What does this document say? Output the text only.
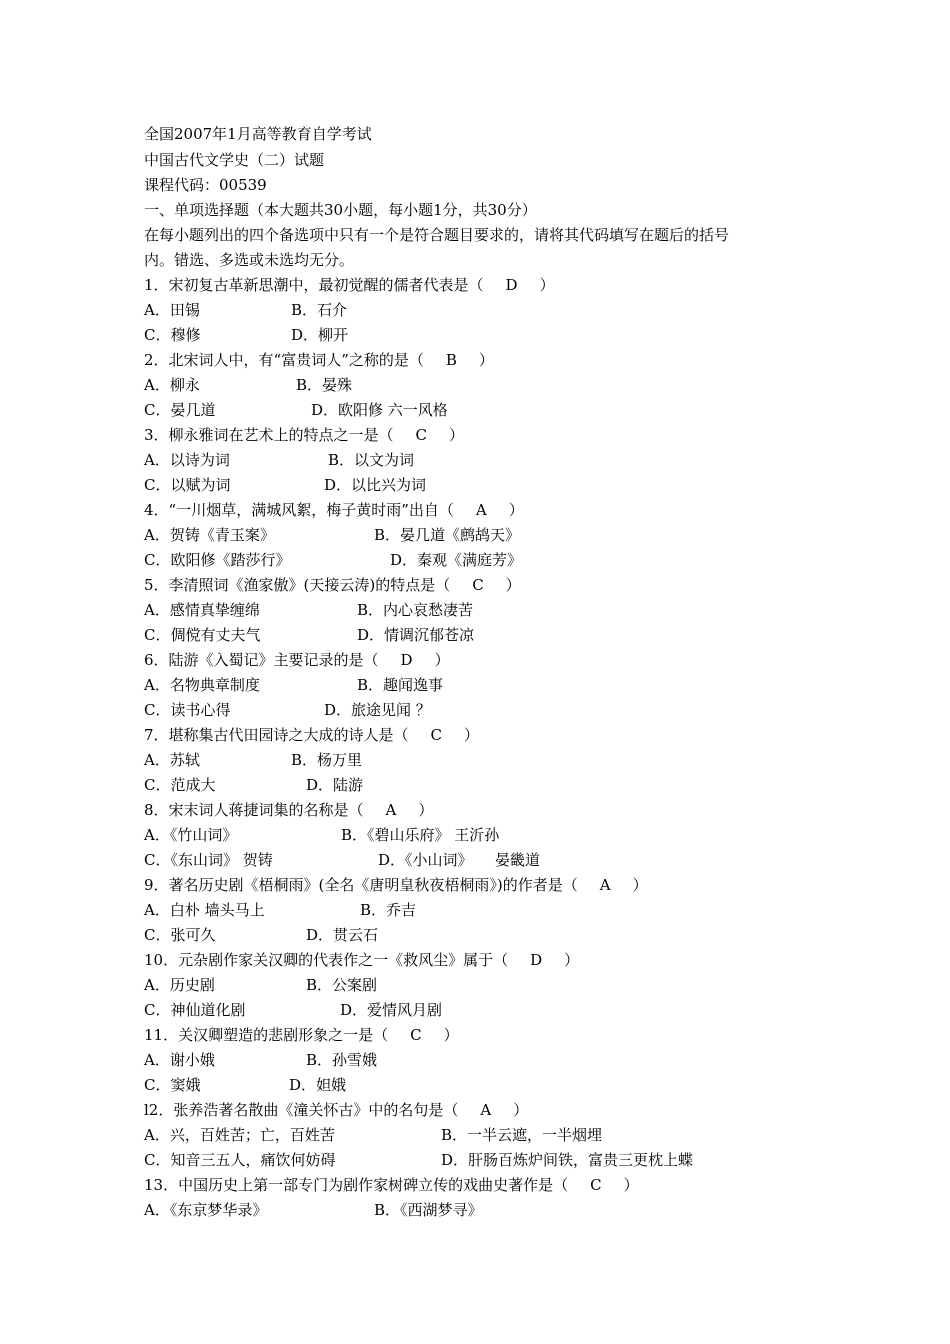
全国2007年1月高等教育自学考试
中国古代文学史（二）试题
课程代码：00539
一、单项选择题（本大题共30小题，每小题1分，共30分）
在每小题列出的四个备选项中只有一个是符合题目要求的，请将其代码填写在题后的括号
内。错选、多选或未选均无分。
1．宋初复古革新思潮中，最初觉醒的儒者代表是（ D ）
A．田锡	B．石介
C．穆修	D．柳开
2．北宋词人中，有“富贵词人”之称的是（ B ）
A．柳永	B．晏殊
C．晏几道	D．欧阳修 六一风格
3．柳永雅词在艺术上的特点之一是（ C ）
A．以诗为词	B．以文为词
C．以赋为词	D．以比兴为词
4．“一川烟草，满城风絮，梅子黄时雨”出自（ A ）
A．贺铸《青玉案》	B．晏几道《鹧鸪天》
C．欧阳修《踏莎行》	D．秦观《满庭芳》
5．李清照词《渔家傲》(天接云涛)的特点是（ C ）
A．感情真挚缠绵	B．内心哀愁凄苦
C．倜傥有丈夫气	D．情调沉郁苍凉
6．陆游《入蜀记》主要记录的是（ D ）
A．名物典章制度	B．趣闻逸事
C．读书心得	D．旅途见闻 ？
7．堪称集古代田园诗之大成的诗人是（ C ）
A．苏轼	B．杨万里
C．范成大	D．陆游
8．宋末词人蒋捷词集的名称是（ A ）
A．《竹山词》	B．《碧山乐府》 王沂孙
C．《东山词》 贺铸	D．《小山词》　　晏畿道
9．著名历史剧《梧桐雨》(全名《唐明皇秋夜梧桐雨》)的作者是（ A ）
A．白朴 墙头马上	B．乔吉
C．张可久	D．贯云石
10．元杂剧作家关汉卿的代表作之一《救风尘》属于（ D ）
A．历史剧	B．公案剧
C．神仙道化剧	D．爱情风月剧
11．关汉卿塑造的悲剧形象之一是（ C ）
A．谢小娥	B．孙雪娥
C．窦娥	D．妲娥
l2．张养浩著名散曲《潼关怀古》中的名句是（ A ）
A．兴，百姓苦；亡，百姓苦	B．一半云遮，一半烟埋
C．知音三五人，痛饮何妨碍	D．肝肠百炼炉间铁，富贵三更枕上蝶
13．中国历史上第一部专门为剧作家树碑立传的戏曲史著作是（ C ）
A．《东京梦华录》	B．《西湖梦寻》
